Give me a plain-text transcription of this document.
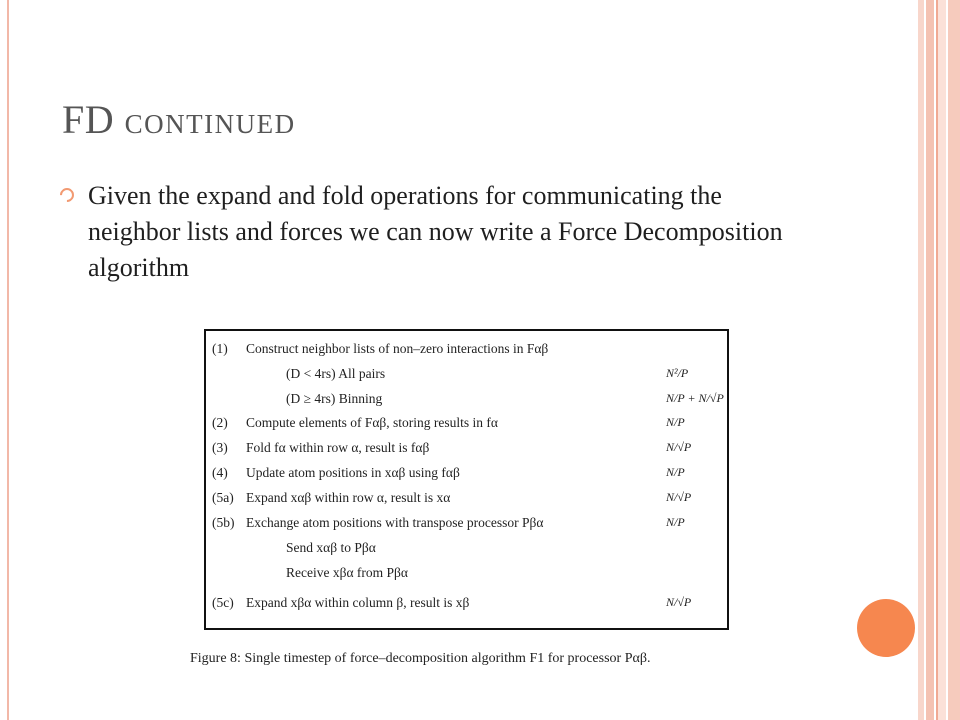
FD CONTINUED
Given the expand and fold operations for communicating the neighbor lists and forces we can now write a Force Decomposition algorithm
(1) Construct neighbor lists of non–zero interactions in Fαβ
(D < 4rs) All pairs	N²/P
(D ≥ 4rs) Binning	N/P + N/√P
(2) Compute elements of Fαβ, storing results in fα	N/P
(3) Fold fα within row α, result is fαβ	N/√P
(4) Update atom positions in xαβ using fαβ	N/P
(5a) Expand xαβ within row α, result is xα	N/√P
(5b) Exchange atom positions with transpose processor Pβα	N/P
Send xαβ to Pβα
Receive xβα from Pβα
(5c) Expand xβα within column β, result is xβ	N/√P
Figure 8: Single timestep of force–decomposition algorithm F1 for processor Pαβ.
